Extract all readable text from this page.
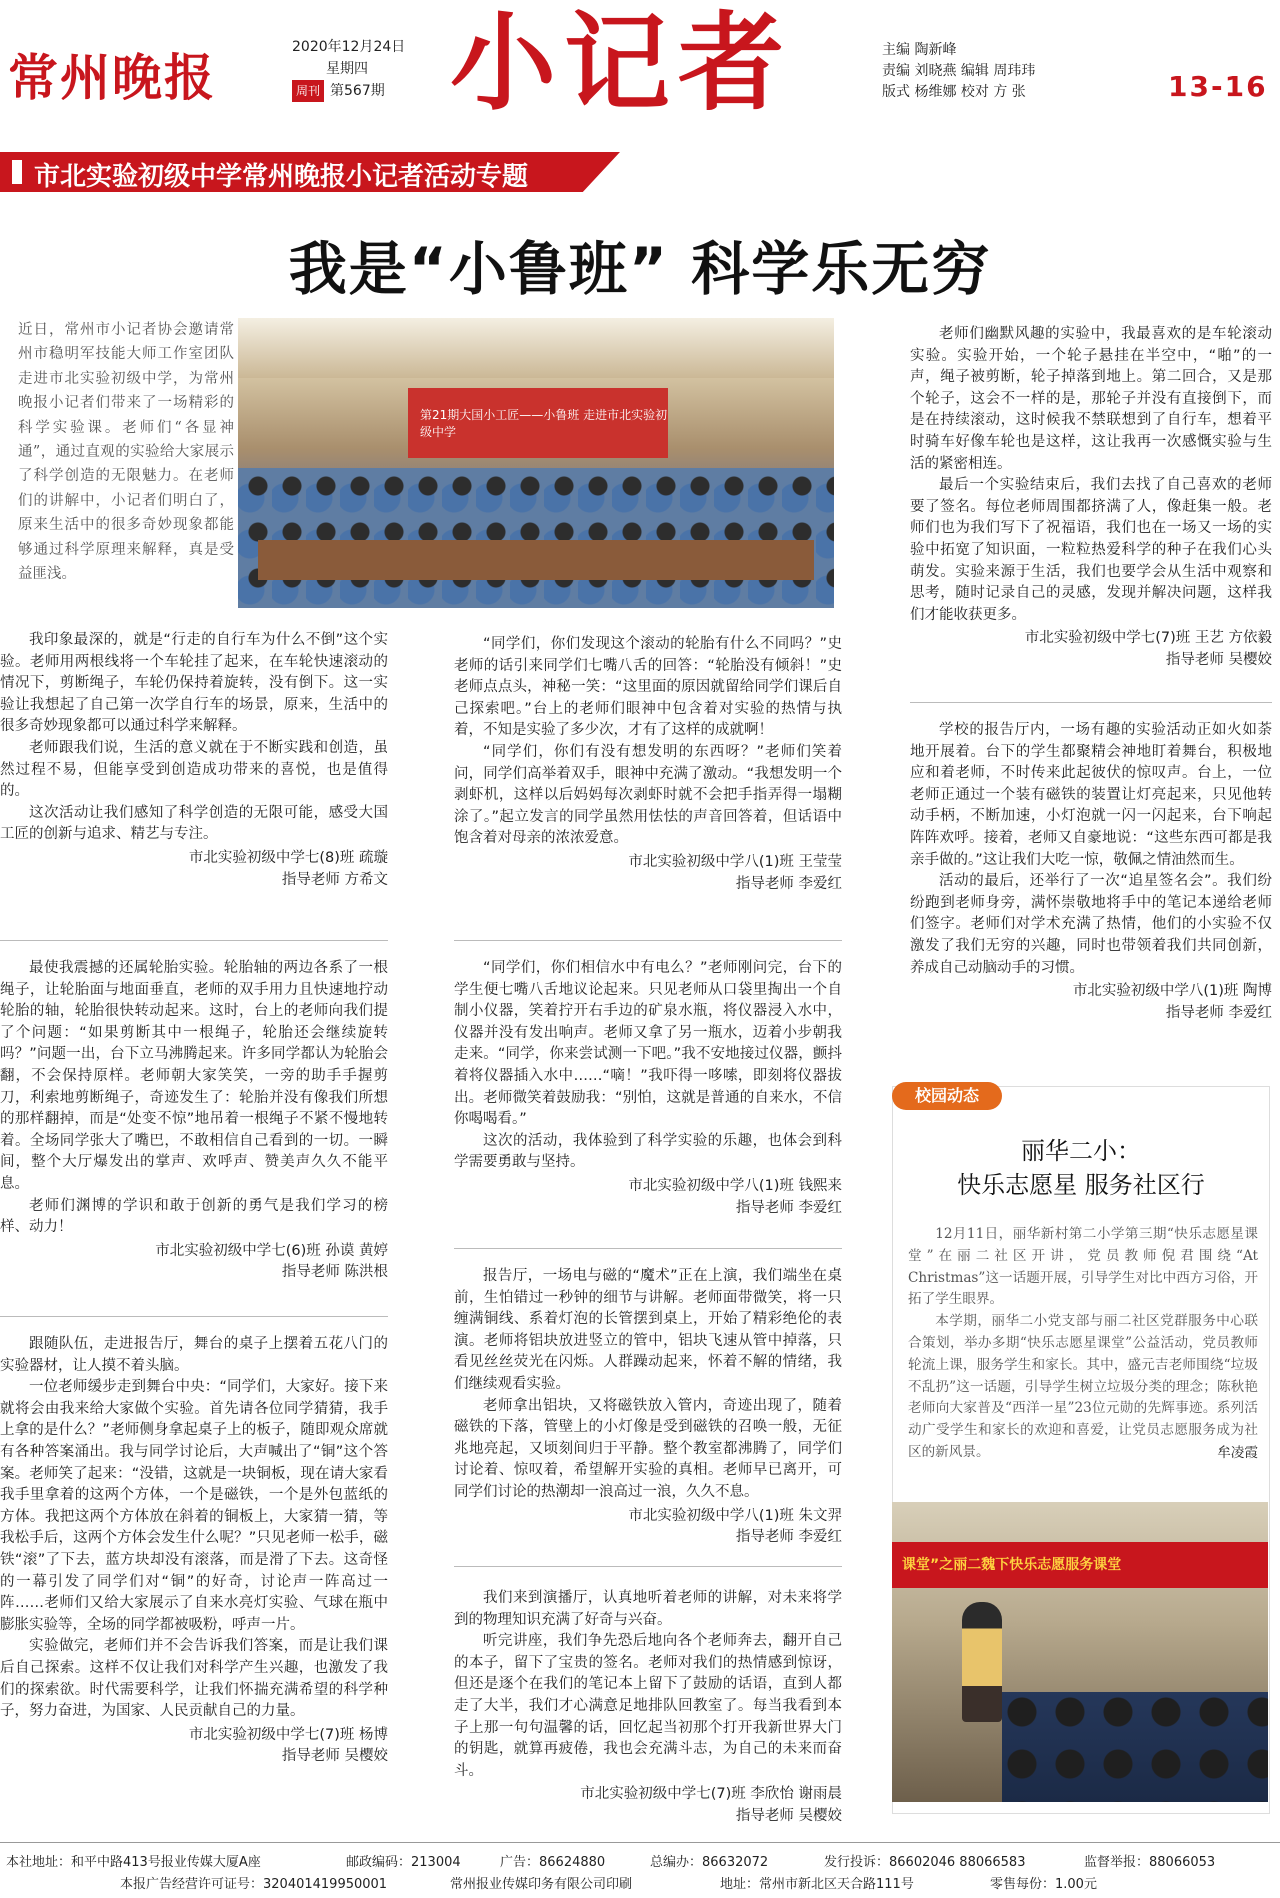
常州晚报
2020年12月24日
星期四
周刊 第567期 小记者	主编 陶新峰
责编 刘晓燕 编辑 周玮玮
版式 杨维娜 校对 方 张	13-16
市北实验初级中学常州晚报小记者活动专题
我是“小鲁班” 科学乐无穷
近日，常州市小记者协会邀请常州市稳明军技能大师工作室团队走进市北实验初级中学，为常州晚报小记者们带来了一场精彩的科学实验课。老师们“各显神通”，通过直观的实验给大家展示了科学创造的无限魅力。在老师们的讲解中，小记者们明白了，原来生活中的很多奇妙现象都能够通过科学原理来解释，真是受益匪浅。
第21期大国小工匠——小鲁班 走进市北实验初级中学

老师们幽默风趣的实验中，我最喜欢的是车轮滚动实验。实验开始，一个轮子悬挂在半空中，“啪”的一声，绳子被剪断，轮子掉落到地上。第二回合，又是那个轮子，这会不一样的是，那轮子并没有直接倒下，而是在持续滚动，这时候我不禁联想到了自行车，想着平时骑车好像车轮也是这样，这让我再一次感慨实验与生活的紧密相连。

最后一个实验结束后，我们去找了自己喜欢的老师要了签名。每位老师周围都挤满了人，像赶集一般。老师们也为我们写下了祝福语，我们也在一场又一场的实验中拓宽了知识面，一粒粒热爱科学的种子在我们心头萌发。实验来源于生活，我们也要学会从生活中观察和思考，随时记录自己的灵感，发现并解决问题，这样我们才能收获更多。

市北实验初级中学七(7)班 王艺 方依毅
指导老师 吴樱姣

我印象最深的，就是“行走的自行车为什么不倒”这个实验。老师用两根线将一个车轮挂了起来，在车轮快速滚动的情况下，剪断绳子，车轮仍保持着旋转，没有倒下。这一实验让我想起了自己第一次学自行车的场景，原来，生活中的很多奇妙现象都可以通过科学来解释。

老师跟我们说，生活的意义就在于不断实践和创造，虽然过程不易，但能享受到创造成功带来的喜悦，也是值得的。

这次活动让我们感知了科学创造的无限可能，感受大国工匠的创新与追求、精艺与专注。

市北实验初级中学七(8)班 疏璇
指导老师 方希文

“同学们，你们发现这个滚动的轮胎有什么不同吗？”史老师的话引来同学们七嘴八舌的回答：“轮胎没有倾斜！”史老师点点头，神秘一笑：“这里面的原因就留给同学们课后自己探索吧。”台上的老师们眼神中包含着对实验的热情与执着，不知是实验了多少次，才有了这样的成就啊！

“同学们，你们有没有想发明的东西呀？”老师们笑着问，同学们高举着双手，眼神中充满了激动。“我想发明一个剥虾机，这样以后妈妈每次剥虾时就不会把手指弄得一塌糊涂了。”起立发言的同学虽然用怯怯的声音回答着，但话语中饱含着对母亲的浓浓爱意。

市北实验初级中学八(1)班 王莹莹
指导老师 李爱红

学校的报告厅内，一场有趣的实验活动正如火如荼地开展着。台下的学生都聚精会神地盯着舞台，积极地应和着老师，不时传来此起彼伏的惊叹声。台上，一位老师正通过一个装有磁铁的装置让灯亮起来，只见他转动手柄，不断加速，小灯泡就一闪一闪起来，台下响起阵阵欢呼。接着，老师又自豪地说：“这些东西可都是我亲手做的。”这让我们大吃一惊，敬佩之情油然而生。

活动的最后，还举行了一次“追星签名会”。我们纷纷跑到老师身旁，满怀崇敬地将手中的笔记本递给老师们签字。老师们对学术充满了热情，他们的小实验不仅激发了我们无穷的兴趣，同时也带领着我们共同创新，养成自己动脑动手的习惯。

市北实验初级中学八(1)班 陶博
指导老师 李爱红

最使我震撼的还属轮胎实验。轮胎轴的两边各系了一根绳子，让轮胎面与地面垂直，老师的双手用力且快速地拧动轮胎的轴，轮胎很快转动起来。这时，台上的老师向我们提了个问题：“如果剪断其中一根绳子，轮胎还会继续旋转吗？”问题一出，台下立马沸腾起来。许多同学都认为轮胎会翻，不会保持原样。老师朝大家笑笑，一旁的助手手握剪刀，利索地剪断绳子，奇迹发生了：轮胎并没有像我们所想的那样翻掉，而是“处变不惊”地吊着一根绳子不紧不慢地转着。全场同学张大了嘴巴，不敢相信自己看到的一切。一瞬间，整个大厅爆发出的掌声、欢呼声、赞美声久久不能平息。

老师们渊博的学识和敢于创新的勇气是我们学习的榜样、动力！

市北实验初级中学七(6)班 孙谟 黄婷
指导老师 陈洪根

“同学们，你们相信水中有电么？”老师刚问完，台下的学生便七嘴八舌地议论起来。只见老师从口袋里掏出一个自制小仪器，笑着拧开右手边的矿泉水瓶，将仪器浸入水中，仪器并没有发出响声。老师又拿了另一瓶水，迈着小步朝我走来。“同学，你来尝试测一下吧。”我不安地接过仪器，颤抖着将仪器插入水中……“嘀！”我吓得一哆嗦，即刻将仪器拔出。老师微笑着鼓励我：“别怕，这就是普通的自来水，不信你喝喝看。”

这次的活动，我体验到了科学实验的乐趣，也体会到科学需要勇敢与坚持。

市北实验初级中学八(1)班 钱熙来
指导老师 李爱红
校园动态
丽华二小：
快乐志愿星 服务社区行

12月11日，丽华新村第二小学第三期“快乐志愿星课堂”在丽二社区开讲，党员教师倪君围绕“At Christmas”这一话题开展，引导学生对比中西方习俗，开拓了学生眼界。

本学期，丽华二小党支部与丽二社区党群服务中心联合策划，举办多期“快乐志愿星课堂”公益活动，党员教师轮流上课，服务学生和家长。其中，盛元吉老师围绕“垃圾不乱扔”这一话题，引导学生树立垃圾分类的理念；陈秋艳老师向大家普及“西洋一星”23位元勋的先辉事迹。系列活动广受学生和家长的欢迎和喜爱，让党员志愿服务成为社区的新风景。	牟凌霞
课堂”之丽二魏下快乐志愿服务课堂

跟随队伍，走进报告厅，舞台的桌子上摆着五花八门的实验器材，让人摸不着头脑。

一位老师缓步走到舞台中央：“同学们，大家好。接下来就将会由我来给大家做个实验。首先请各位同学猜猜，我手上拿的是什么？”老师侧身拿起桌子上的板子，随即观众席就有各种答案涌出。我与同学讨论后，大声喊出了“铜”这个答案。老师笑了起来：“没错，这就是一块铜板，现在请大家看我手里拿着的这两个方体，一个是磁铁，一个是外包蓝纸的方体。我把这两个方体放在斜着的铜板上，大家猜一猜，等我松手后，这两个方体会发生什么呢？”只见老师一松手，磁铁“滚”了下去，蓝方块却没有滚落，而是滑了下去。这奇怪的一幕引发了同学们对“铜”的好奇，讨论声一阵高过一阵……老师们又给大家展示了自来水亮灯实验、气球在瓶中膨胀实验等，全场的同学都被吸粉，呼声一片。

实验做完，老师们并不会告诉我们答案，而是让我们课后自己探索。这样不仅让我们对科学产生兴趣，也激发了我们的探索欲。时代需要科学，让我们怀揣充满希望的科学种子，努力奋进，为国家、人民贡献自己的力量。

市北实验初级中学七(7)班 杨博
指导老师 吴樱姣

报告厅，一场电与磁的“魔术”正在上演，我们端坐在桌前，生怕错过一秒钟的细节与讲解。老师面带微笑，将一只缠满铜线、系着灯泡的长管摆到桌上，开始了精彩绝伦的表演。老师将铝块放进竖立的管中，铝块飞速从管中掉落，只看见丝丝荧光在闪烁。人群躁动起来，怀着不解的情绪，我们继续观看实验。

老师拿出铝块，又将磁铁放入管内，奇迹出现了，随着磁铁的下落，管壁上的小灯像是受到磁铁的召唤一般，无征兆地亮起，又顷刻间归于平静。整个教室都沸腾了，同学们讨论着、惊叹着，希望解开实验的真相。老师早已离开，可同学们讨论的热潮却一浪高过一浪，久久不息。

市北实验初级中学八(1)班 朱文羿
指导老师 李爱红

我们来到演播厅，认真地听着老师的讲解，对未来将学到的物理知识充满了好奇与兴奋。

听完讲座，我们争先恐后地向各个老师奔去，翻开自己的本子，留下了宝贵的签名。老师对我们的热情感到惊讶，但还是逐个在我们的笔记本上留下了鼓励的话语，直到人都走了大半，我们才心满意足地排队回教室了。每当我看到本子上那一句句温馨的话，回忆起当初那个打开我新世界大门的钥匙，就算再疲倦，我也会充满斗志，为自己的未来而奋斗。

市北实验初级中学七(7)班 李欣怡 谢雨晨
指导老师 吴樱姣
本社地址：和平中路413号报业传媒大厦A座	邮政编码：213004	广告：86624880	总编办：86632072	发行投诉：86602046 88066583	监督举报：88066053
本报广告经营许可证号：320401419950001	常州报业传媒印务有限公司印刷	地址：常州市新北区天合路111号	零售每份：1.00元
